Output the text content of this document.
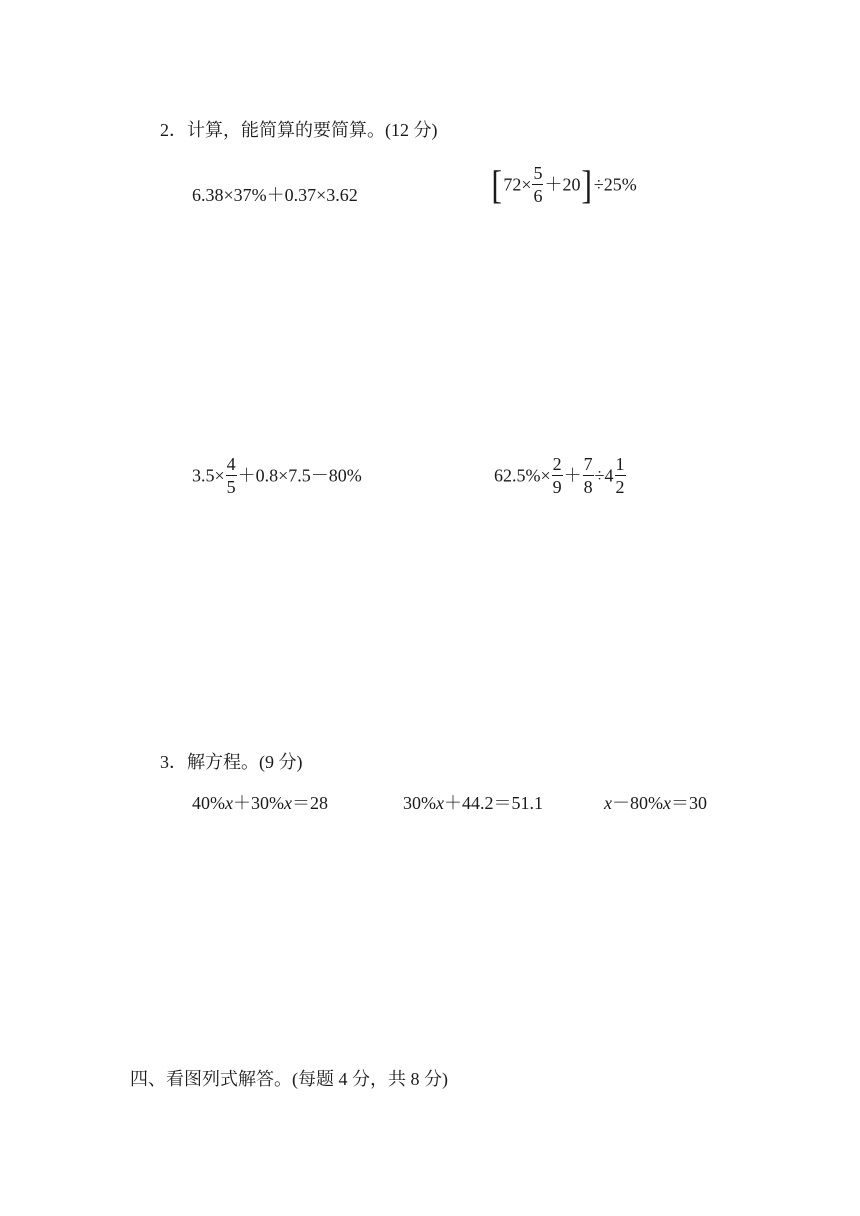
2．计算，能简算的要简算。(12 分)
6.38×37%＋0.37×3.62	$[72\times \frac{5}{6} +20]\div 25\%$
$3.5\times \frac{4}{5} +0.8\times 7.5-80\%$	$62.5\%\times \frac{2}{9} + \frac{7}{8} \div 4 \frac{1}{2}$
3．解方程。(9 分)
40%x＋30%x＝28	30%x＋44.2＝51.1	x－80%x＝30
四、看图列式解答。(每题 4 分，共 8 分)
